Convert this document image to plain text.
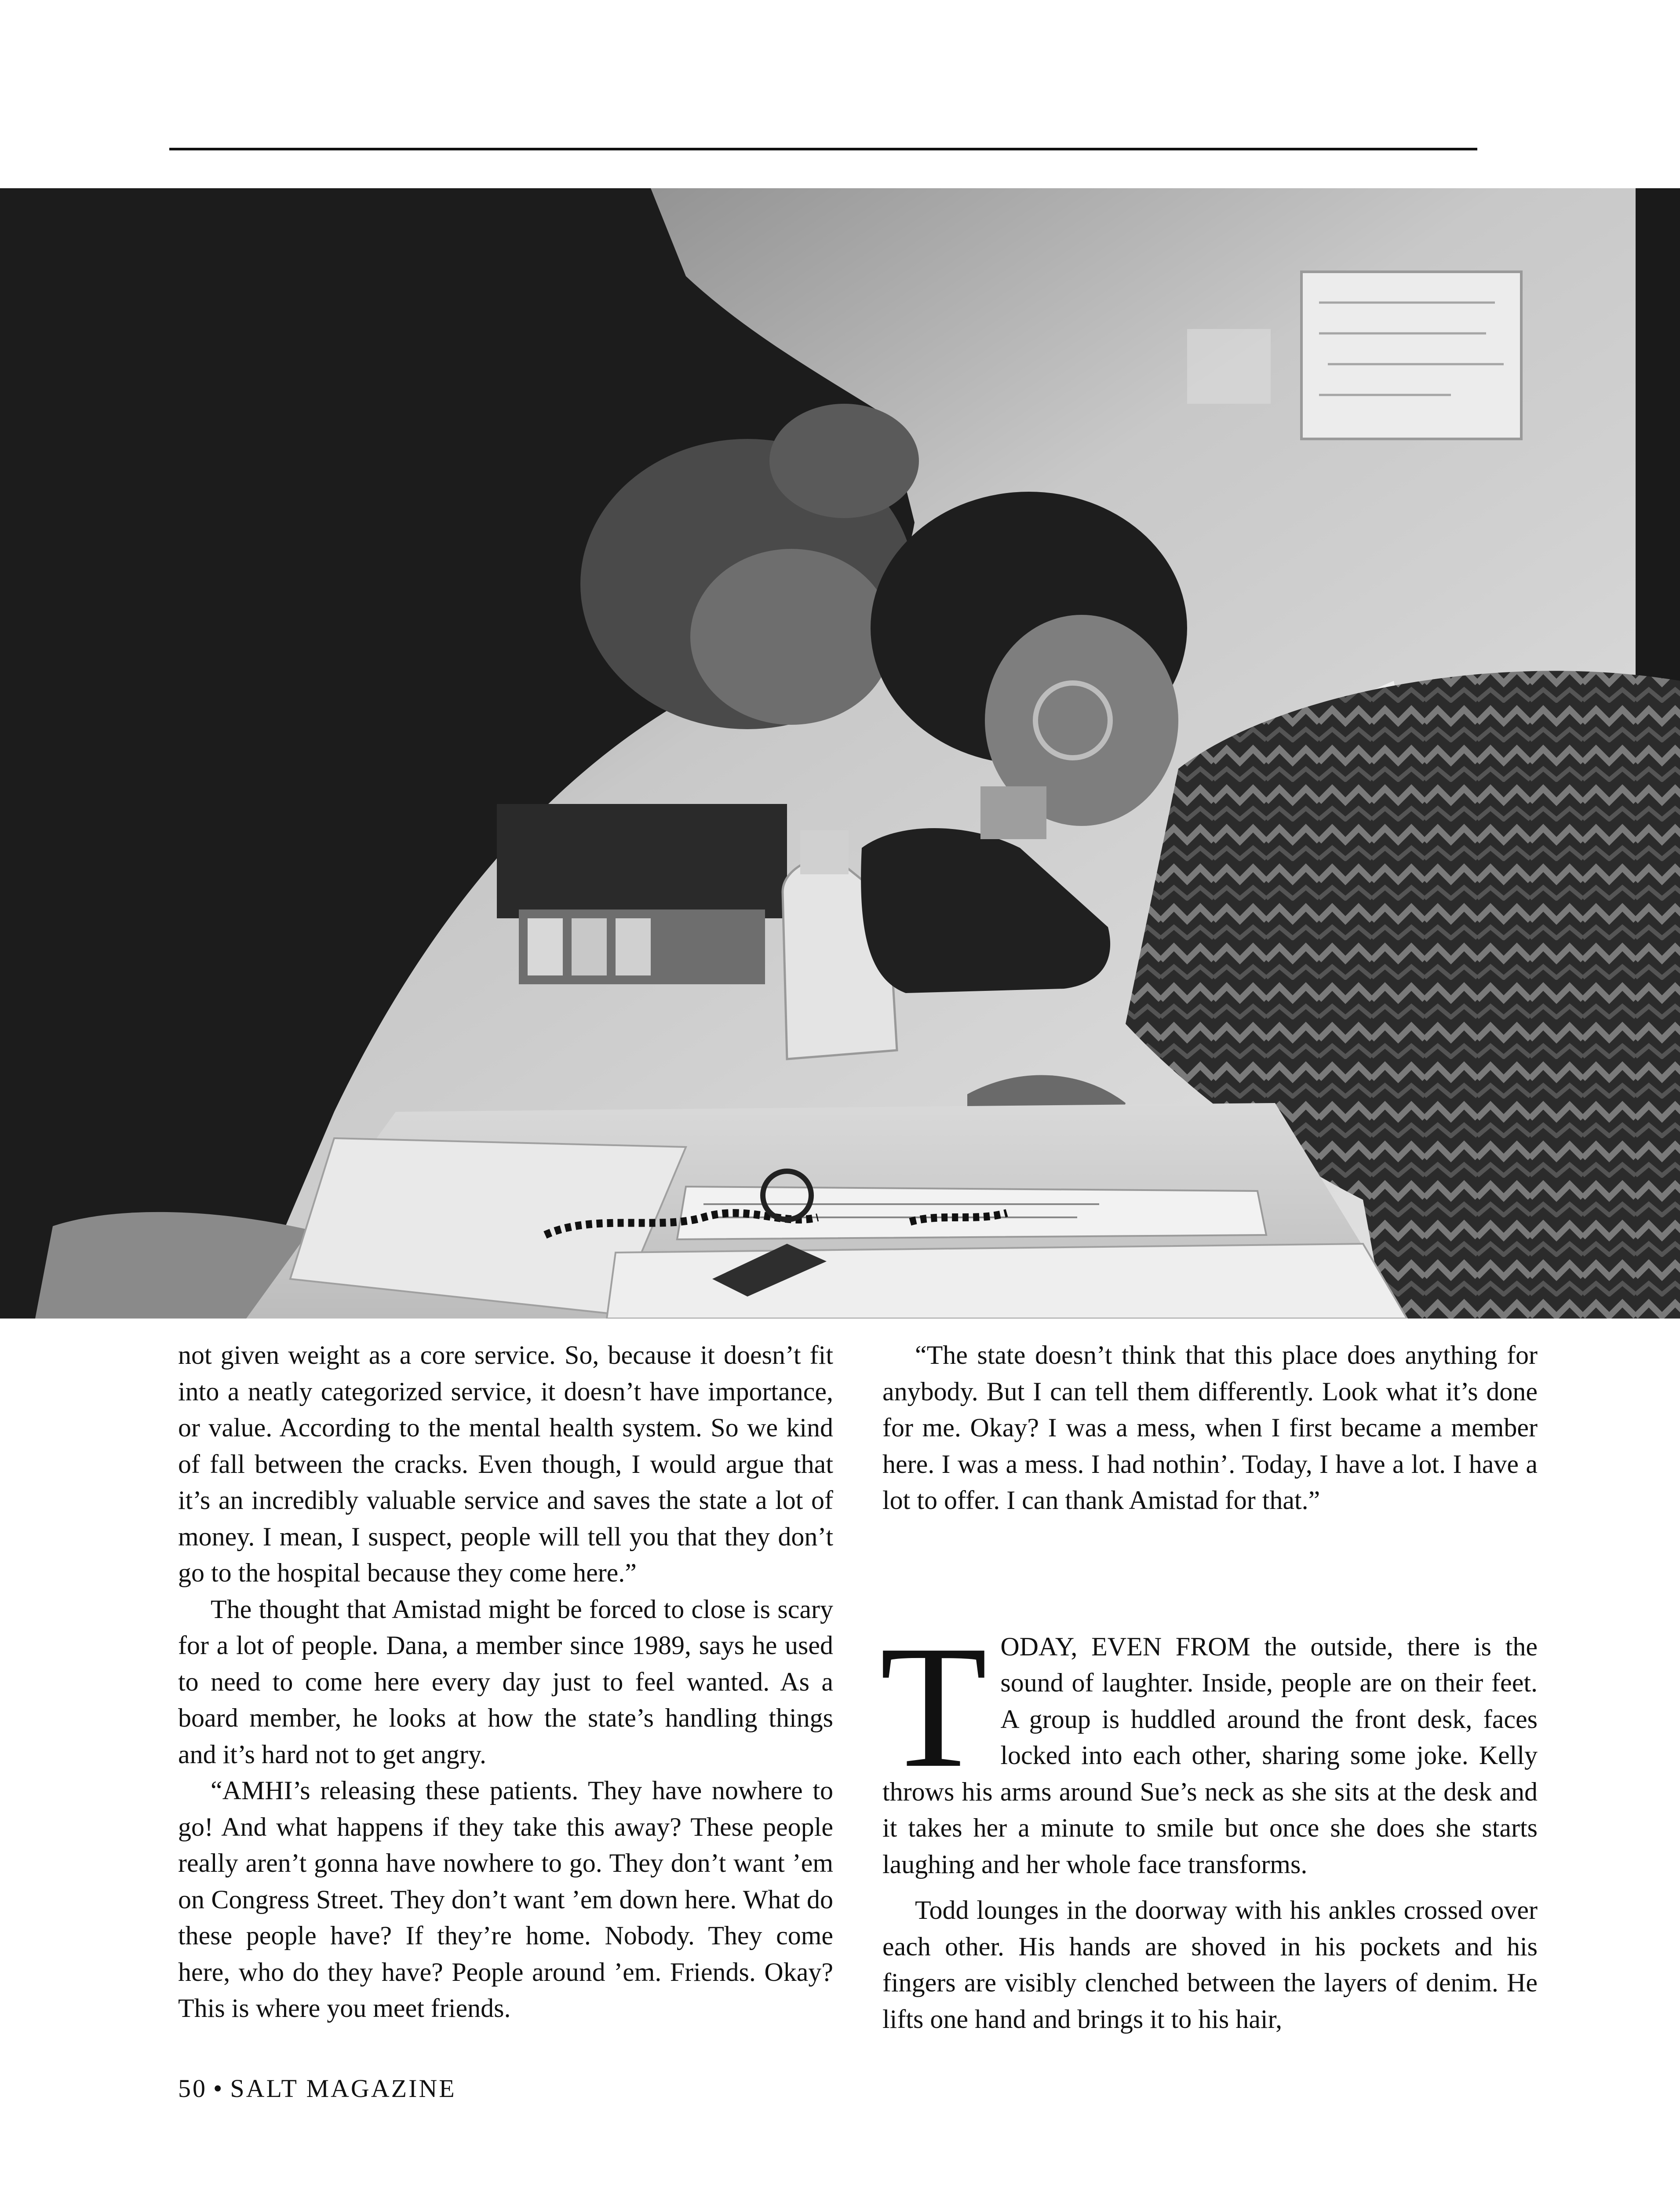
not given weight as a core service. So, because it doesn’t fit into a neatly categorized service, it doesn’t have importance, or value. According to the mental health system. So we kind of fall between the cracks. Even though, I would argue that it’s an incredibly valuable service and saves the state a lot of money. I mean, I suspect, people will tell you that they don’t go to the hospital because they come here.”

The thought that Amistad might be forced to close is scary for a lot of people. Dana, a member since 1989, says he used to need to come here every day just to feel wanted. As a board member, he looks at how the state’s handling things and it’s hard not to get angry.

“AMHI’s releasing these patients. They have nowhere to go! And what happens if they take this away? These people really aren’t gonna have nowhere to go. They don’t want ’em on Congress Street. They don’t want ’em down here. What do these people have? If they’re home. Nobody. They come here, who do they have? People around ’em. Friends. Okay? This is where you meet friends.

“The state doesn’t think that this place does anything for anybody. But I can tell them differently. Look what it’s done for me. Okay? I was a mess, when I first became a member here. I was a mess. I had nothin’. Today, I have a lot. I have a lot to offer. I can thank Amistad for that.”

TODAY, EVEN FROM the outside, there is the sound of laughter. Inside, people are on their feet. A group is huddled around the front desk, faces locked into each other, sharing some joke. Kelly throws his arms around Sue’s neck as she sits at the desk and it takes her a minute to smile but once she does she starts laughing and her whole face transforms.

Todd lounges in the doorway with his ankles crossed over each other. His hands are shoved in his pockets and his fingers are visibly clenched between the layers of denim. He lifts one hand and brings it to his hair,

50 • SALT MAGAZINE
